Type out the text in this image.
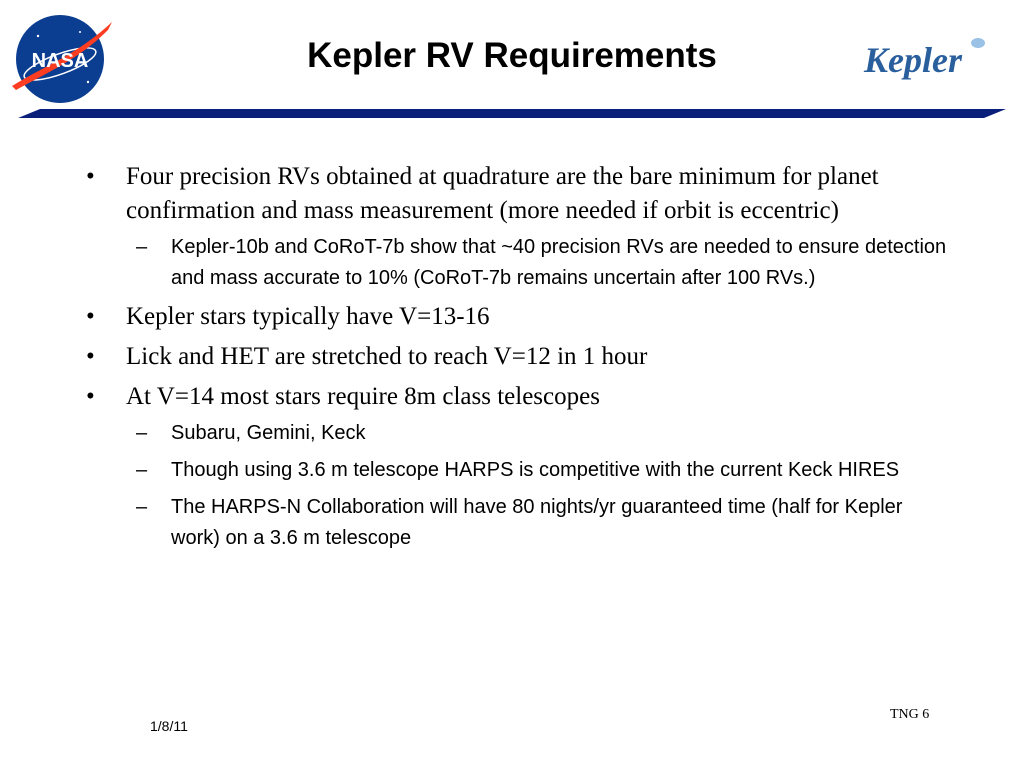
NASA	Kepler RV Requirements	Kepler
•	Four precision RVs obtained at quadrature are the bare minimum for planet confirmation and mass measurement (more needed if orbit is eccentric)
– Kepler-10b and CoRoT-7b show that ~40 precision RVs are needed to ensure detection and mass accurate to 10% (CoRoT-7b remains uncertain after 100 RVs.)
•	Kepler stars typically have V=13-16
•	Lick and HET are stretched to reach V=12 in 1 hour
•	At V=14 most stars require 8m class telescopes
– Subaru, Gemini, Keck
– Though using 3.6 m telescope HARPS is competitive with the current Keck HIRES
– The HARPS-N Collaboration will have 80 nights/yr guaranteed time (half for Kepler work) on a 3.6 m telescope
1/8/11
TNG 6
